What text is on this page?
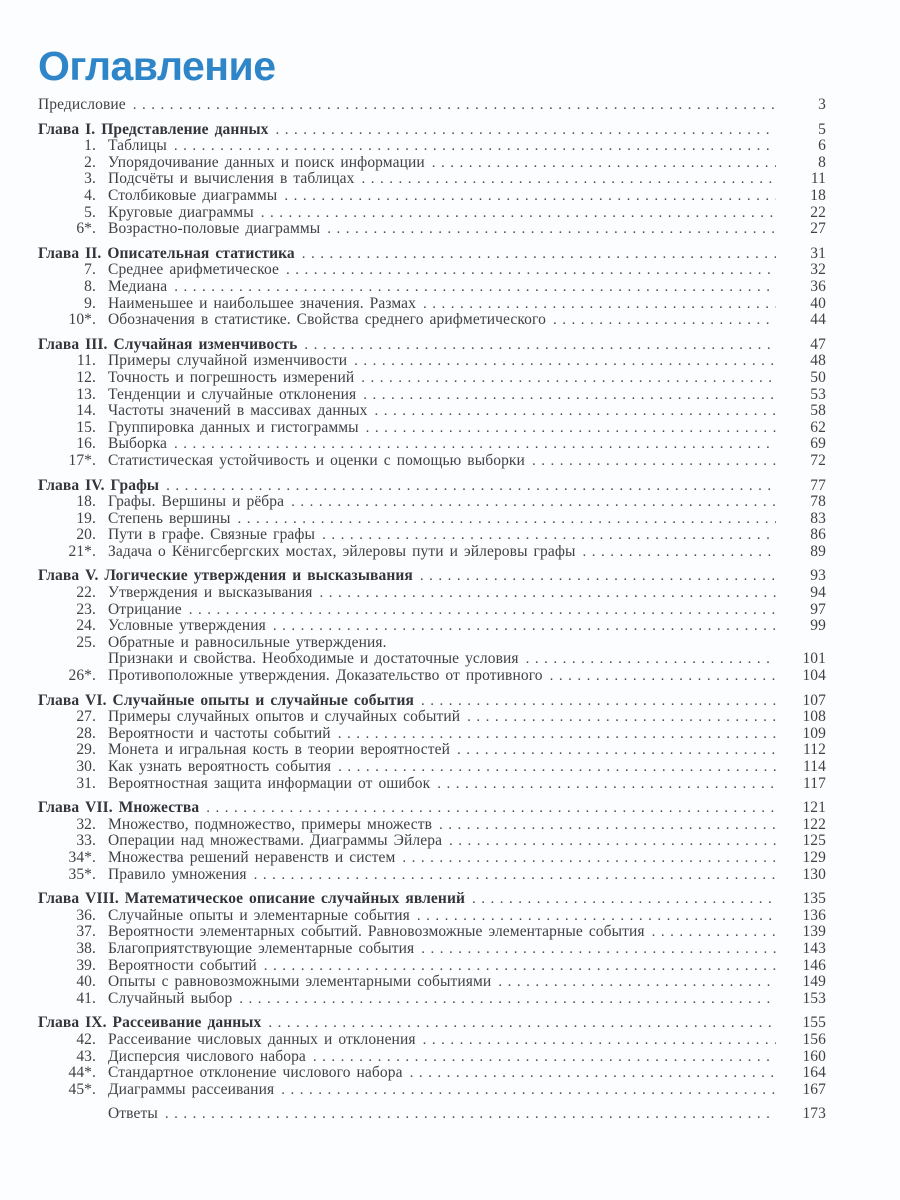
Оглавление
Предисловие .....	3
Глава I. Представление данных .....	5
1. Таблицы .....	6
2. Упорядочивание данных и поиск информации .....	8
3. Подсчёты и вычисления в таблицах .....	11
4. Столбиковые диаграммы .....	18
5. Круговые диаграммы .....	22
6*. Возрастно-половые диаграммы .....	27
Глава II. Описательная статистика .....	31
7. Среднее арифметическое .....	32
8. Медиана .....	36
9. Наименьшее и наибольшее значения. Размах .....	40
10*. Обозначения в статистике. Свойства среднего арифметического .....	44
Глава III. Случайная изменчивость .....	47
11. Примеры случайной изменчивости .....	48
12. Точность и погрешность измерений .....	50
13. Тенденции и случайные отклонения .....	53
14. Частоты значений в массивах данных .....	58
15. Группировка данных и гистограммы .....	62
16. Выборка .....	69
17*. Статистическая устойчивость и оценки с помощью выборки .....	72
Глава IV. Графы .....	77
18. Графы. Вершины и рёбра .....	78
19. Степень вершины .....	83
20. Пути в графе. Связные графы .....	86
21*. Задача о Кёнигсбергских мостах, эйлеровы пути и эйлеровы графы .....	89
Глава V. Логические утверждения и высказывания .....	93
22. Утверждения и высказывания .....	94
23. Отрицание .....	97
24. Условные утверждения .....	99
25. Обратные и равносильные утверждения.
Признаки и свойства. Необходимые и достаточные условия .....	101
26*. Противоположные утверждения. Доказательство от противного .....	104
Глава VI. Случайные опыты и случайные события .....	107
27. Примеры случайных опытов и случайных событий .....	108
28. Вероятности и частоты событий .....	109
29. Монета и игральная кость в теории вероятностей .....	112
30. Как узнать вероятность события .....	114
31. Вероятностная защита информации от ошибок .....	117
Глава VII. Множества .....	121
32. Множество, подмножество, примеры множеств .....	122
33. Операции над множествами. Диаграммы Эйлера .....	125
34*. Множества решений неравенств и систем .....	129
35*. Правило умножения .....	130
Глава VIII. Математическое описание случайных явлений .....	135
36. Случайные опыты и элементарные события .....	136
37. Вероятности элементарных событий. Равновозможные элементарные события .....	139
38. Благоприятствующие элементарные события .....	143
39. Вероятности событий .....	146
40. Опыты с равновозможными элементарными событиями .....	149
41. Случайный выбор .....	153
Глава IX. Рассеивание данных .....	155
42. Рассеивание числовых данных и отклонения .....	156
43. Дисперсия числового набора .....	160
44*. Стандартное отклонение числового набора .....	164
45*. Диаграммы рассеивания .....	167
Ответы .....	173
